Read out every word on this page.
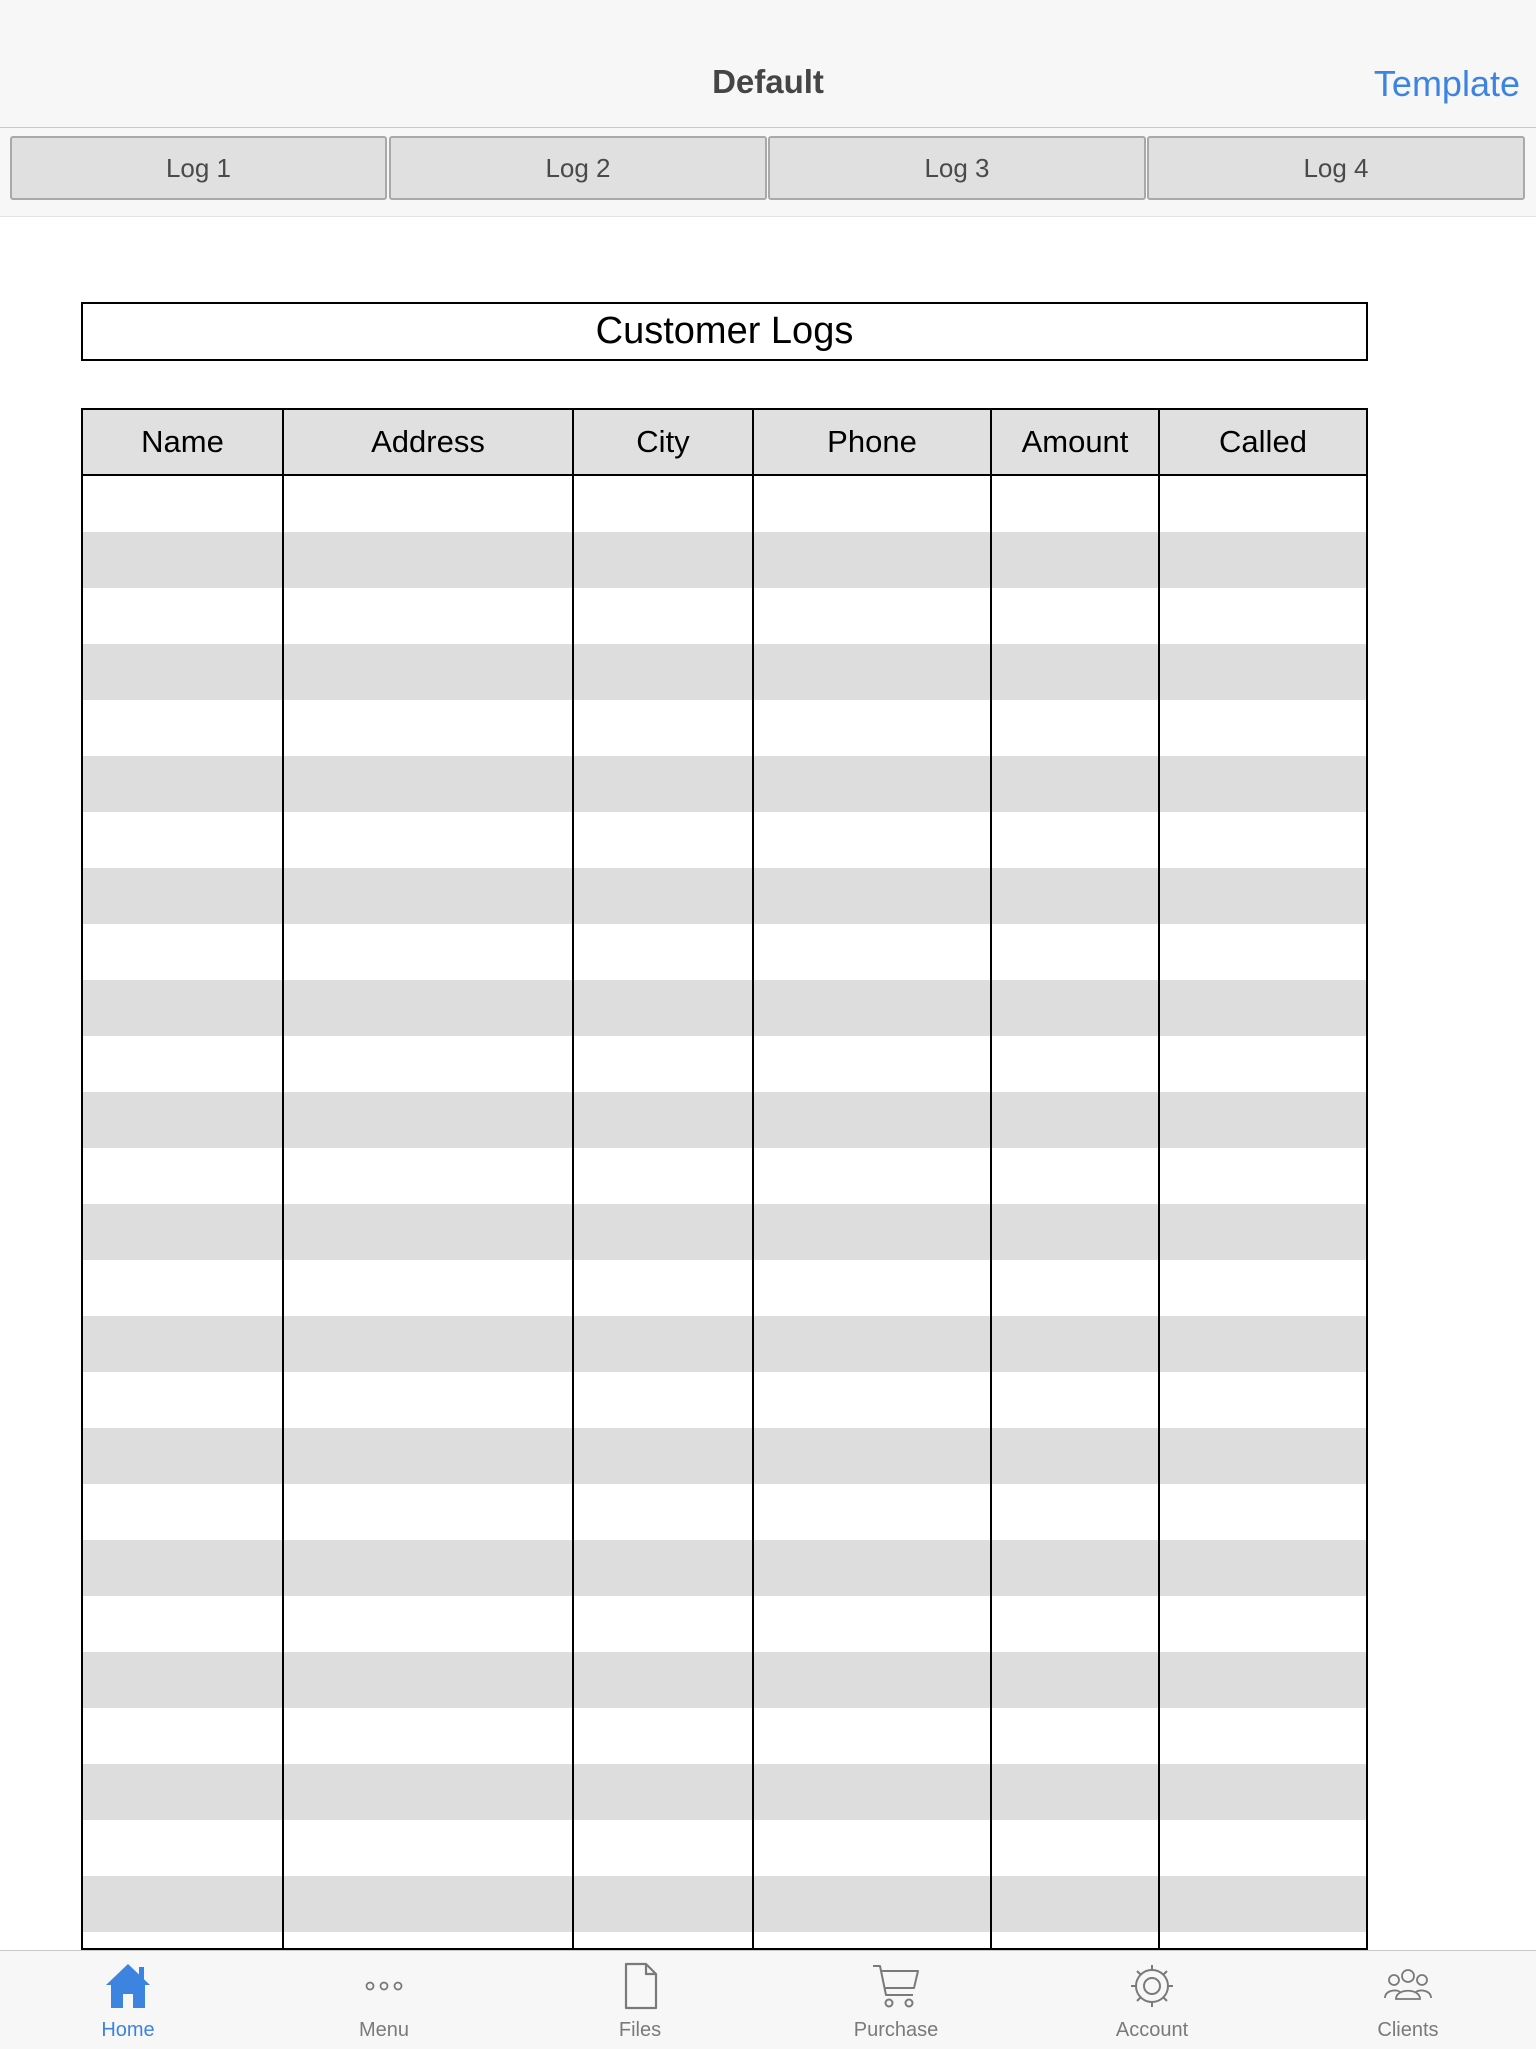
Default	Template
Log 1	Log 2	Log 3	Log 4
Customer Logs
Name	Address	City	Phone	Amount	Called
Home	Menu	Files	Purchase	Account	Clients
